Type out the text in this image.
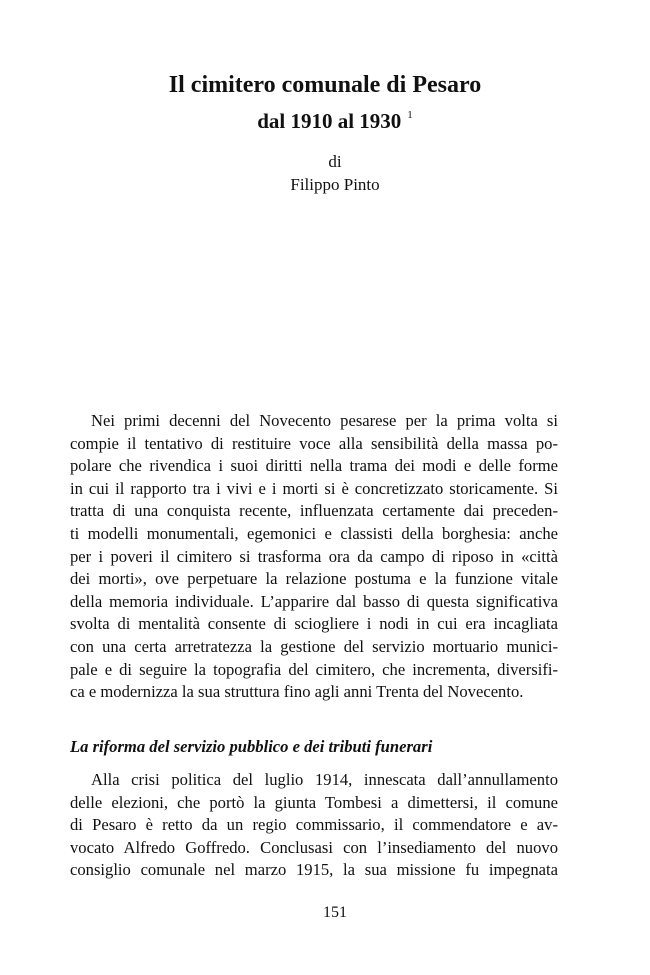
Il cimitero comunale di Pesaro
dal 1910 al 1930 $^1$
di
Filippo Pinto
Nei primi decenni del Novecento pesarese per la prima volta si
compie il tentativo di restituire voce alla sensibilità della massa po-
polare che rivendica i suoi diritti nella trama dei modi e delle forme
in cui il rapporto tra i vivi e i morti si è concretizzato storicamente. Si
tratta di una conquista recente, influenzata certamente dai preceden-
ti modelli monumentali, egemonici e classisti della borghesia: anche
per i poveri il cimitero si trasforma ora da campo di riposo in «città
dei morti», ove perpetuare la relazione postuma e la funzione vitale
della memoria individuale. L’apparire dal basso di questa significativa
svolta di mentalità consente di sciogliere i nodi in cui era incagliata
con una certa arretratezza la gestione del servizio mortuario munici-
pale e di seguire la topografia del cimitero, che incrementa, diversifi-
ca e modernizza la sua struttura fino agli anni Trenta del Novecento.
La riforma del servizio pubblico e dei tributi funerari
Alla crisi politica del luglio 1914, innescata dall’annullamento
delle elezioni, che portò la giunta Tombesi a dimettersi, il comune
di Pesaro è retto da un regio commissario, il commendatore e av-
vocato Alfredo Goffredo. Conclusasi con l’insediamento del nuovo
consiglio comunale nel marzo 1915, la sua missione fu impegnata
151
